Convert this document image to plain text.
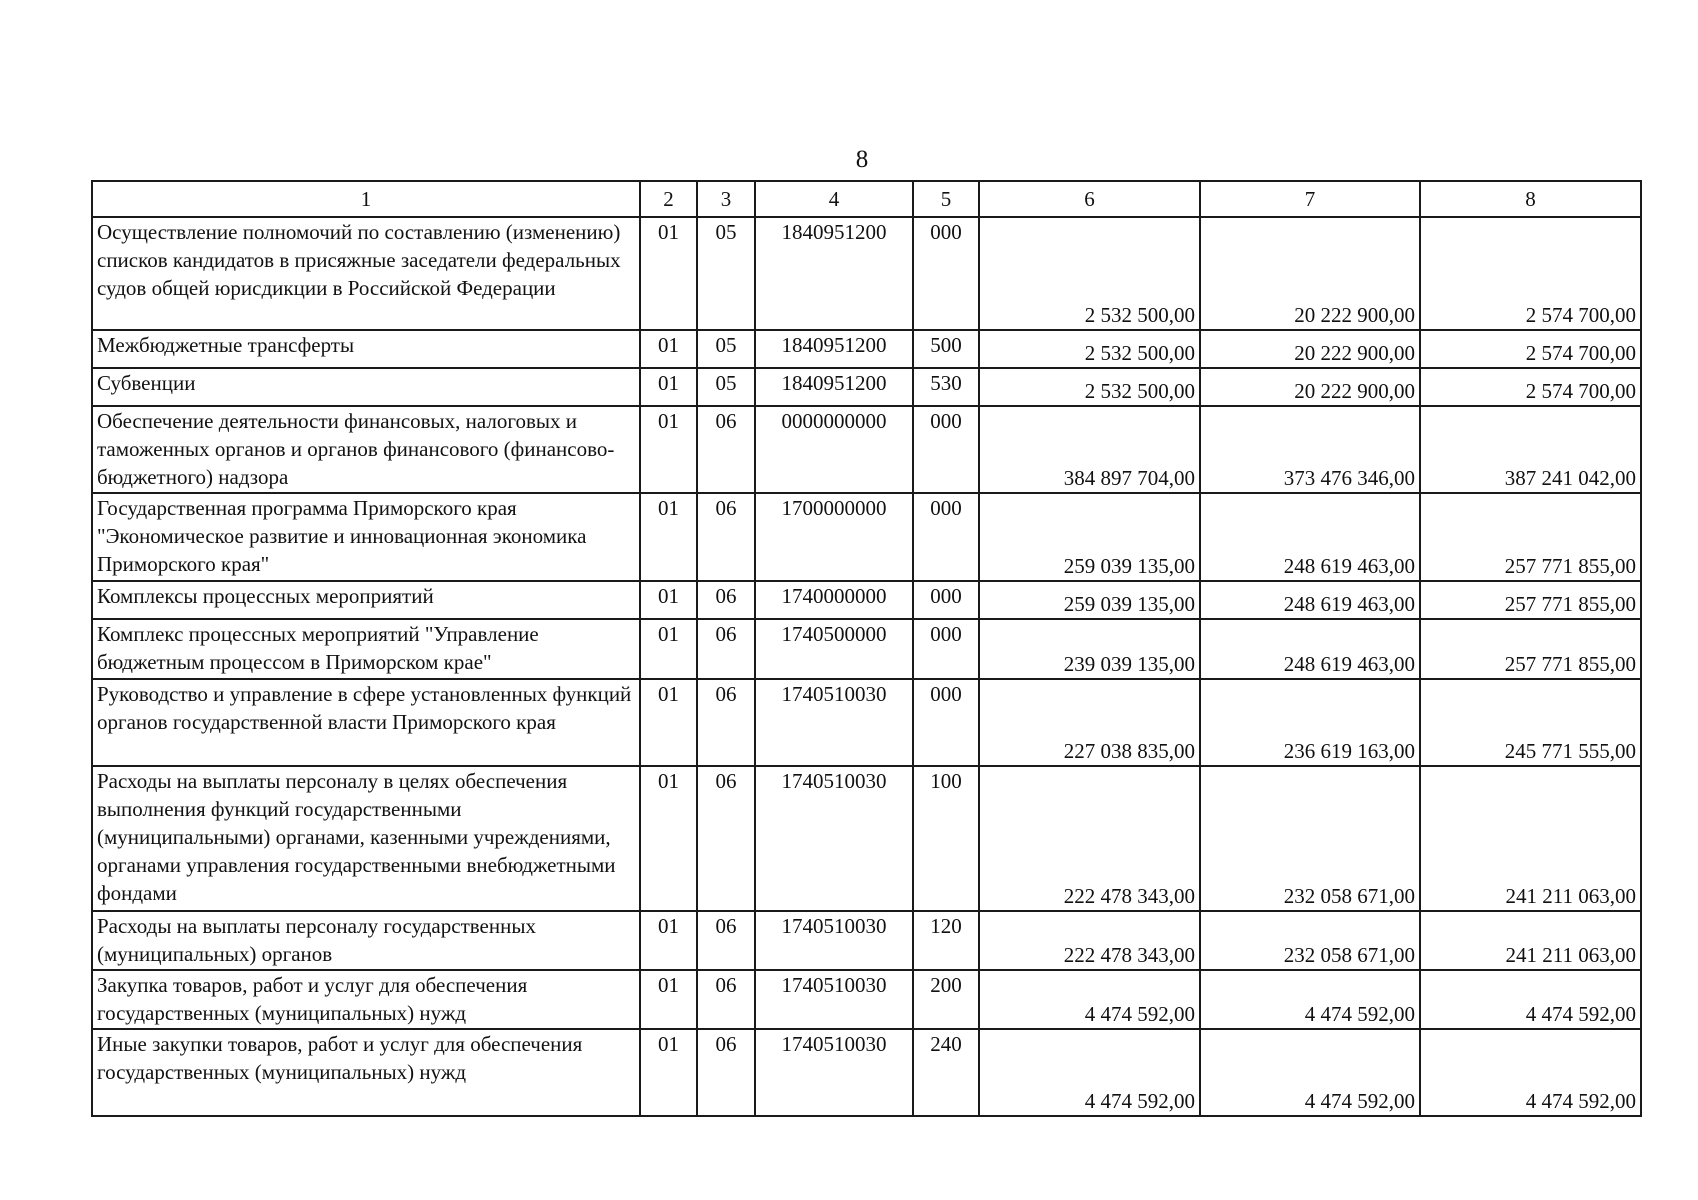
8
1	2	3	4	5	6	7	8
Осуществление полномочий по составлению (изменению) списков кандидатов в присяжные заседатели федеральных судов общей юрисдикции в Российской Федерации	01	05	1840951200	000	2 532 500,00	20 222 900,00	2 574 700,00
Межбюджетные трансферты	01	05	1840951200	500	2 532 500,00	20 222 900,00	2 574 700,00
Субвенции	01	05	1840951200	530	2 532 500,00	20 222 900,00	2 574 700,00
Обеспечение деятельности финансовых, налоговых и таможенных органов и органов финансового (финансово-бюджетного) надзора	01	06	0000000000	000	384 897 704,00	373 476 346,00	387 241 042,00
Государственная программа Приморского края "Экономическое развитие и инновационная экономика Приморского края"	01	06	1700000000	000	259 039 135,00	248 619 463,00	257 771 855,00
Комплексы процессных мероприятий	01	06	1740000000	000	259 039 135,00	248 619 463,00	257 771 855,00
Комплекс процессных мероприятий "Управление бюджетным процессом в Приморском крае"	01	06	1740500000	000	239 039 135,00	248 619 463,00	257 771 855,00
Руководство и управление в сфере установленных функций органов государственной власти Приморского края	01	06	1740510030	000	227 038 835,00	236 619 163,00	245 771 555,00
Расходы на выплаты персоналу в целях обеспечения выполнения функций государственными (муниципальными) органами, казенными учреждениями, органами управления государственными внебюджетными фондами	01	06	1740510030	100	222 478 343,00	232 058 671,00	241 211 063,00
Расходы на выплаты персоналу государственных (муниципальных) органов	01	06	1740510030	120	222 478 343,00	232 058 671,00	241 211 063,00
Закупка товаров, работ и услуг для обеспечения государственных (муниципальных) нужд	01	06	1740510030	200	4 474 592,00	4 474 592,00	4 474 592,00
Иные закупки товаров, работ и услуг для обеспечения государственных (муниципальных) нужд	01	06	1740510030	240	4 474 592,00	4 474 592,00	4 474 592,00
